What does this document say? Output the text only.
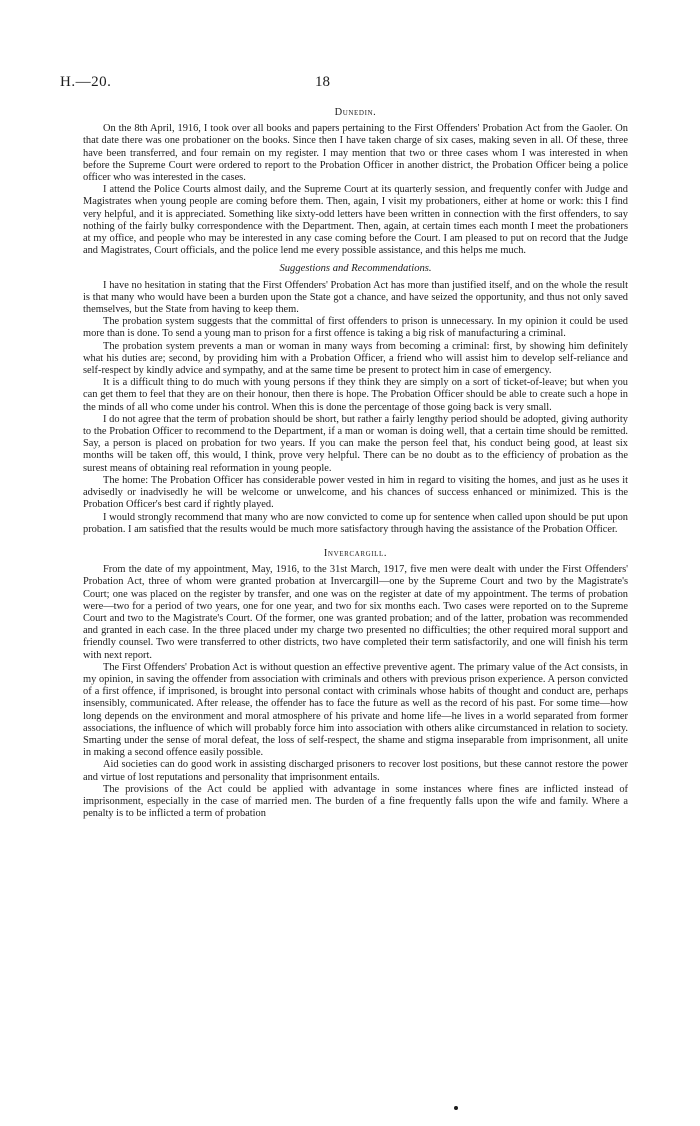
H.—20.	18
Dunedin.

On the 8th April, 1916, I took over all books and papers pertaining to the First Offenders' Probation Act from the Gaoler. On that date there was one probationer on the books. Since then I have taken charge of six cases, making seven in all. Of these, three have been transferred, and four remain on my register. I may mention that two or three cases whom I was interested in when before the Supreme Court were ordered to report to the Probation Officer in another district, the Probation Officer being a police officer who was interested in the cases.

I attend the Police Courts almost daily, and the Supreme Court at its quarterly session, and frequently confer with Judge and Magistrates when young people are coming before them. Then, again, I visit my probationers, either at home or work: this I find very helpful, and it is appreciated. Something like sixty-odd letters have been written in connection with the first offenders, to say nothing of the fairly bulky correspondence with the Department. Then, again, at certain times each month I meet the probationers at my office, and people who may be interested in any case coming before the Court. I am pleased to put on record that the Judge and Magistrates, Court officials, and the police lend me every possible assistance, and this helps me much.

Suggestions and Recommendations.

I have no hesitation in stating that the First Offenders' Probation Act has more than justified itself, and on the whole the result is that many who would have been a burden upon the State got a chance, and have seized the opportunity, and thus not only saved themselves, but the State from having to keep them.

The probation system suggests that the committal of first offenders to prison is unnecessary. In my opinion it could be used more than is done. To send a young man to prison for a first offence is taking a big risk of manufacturing a criminal.

The probation system prevents a man or woman in many ways from becoming a criminal: first, by showing him definitely what his duties are; second, by providing him with a Probation Officer, a friend who will assist him to develop self-reliance and self-respect by kindly advice and sympathy, and at the same time be present to protect him in case of emergency.

It is a difficult thing to do much with young persons if they think they are simply on a sort of ticket-of-leave; but when you can get them to feel that they are on their honour, then there is hope. The Probation Officer should be able to create such a hope in the minds of all who come under his control. When this is done the percentage of those going back is very small.

I do not agree that the term of probation should be short, but rather a fairly lengthy period should be adopted, giving authority to the Probation Officer to recommend to the Department, if a man or woman is doing well, that a certain time should be remitted. Say, a person is placed on probation for two years. If you can make the person feel that, his conduct being good, at least six months will be taken off, this would, I think, prove very helpful. There can be no doubt as to the efficiency of probation as the surest means of obtaining real reformation in young people.

The home: The Probation Officer has considerable power vested in him in regard to visiting the homes, and just as he uses it advisedly or inadvisedly he will be welcome or unwelcome, and his chances of success enhanced or minimized. This is the Probation Officer's best card if rightly played.

I would strongly recommend that many who are now convicted to come up for sentence when called upon should be put upon probation. I am satisfied that the results would be much more satisfactory through having the assistance of the Probation Officer.

Invercargill.

From the date of my appointment, May, 1916, to the 31st March, 1917, five men were dealt with under the First Offenders' Probation Act, three of whom were granted probation at Invercargill—one by the Supreme Court and two by the Magistrate's Court; one was placed on the register by transfer, and one was on the register at date of my appointment. The terms of probation were—two for a period of two years, one for one year, and two for six months each. Two cases were reported on to the Supreme Court and two to the Magistrate's Court. Of the former, one was granted probation; and of the latter, probation was recommended and granted in each case. In the three placed under my charge two presented no difficulties; the other required moral support and friendly counsel. Two were transferred to other districts, two have completed their term satisfactorily, and one will finish his term with next report.

The First Offenders' Probation Act is without question an effective preventive agent. The primary value of the Act consists, in my opinion, in saving the offender from association with criminals and others with previous prison experience. A person convicted of a first offence, if imprisoned, is brought into personal contact with criminals whose habits of thought and conduct are, perhaps insensibly, communicated. After release, the offender has to face the future as well as the record of his past. For some time—how long depends on the environment and moral atmosphere of his private and home life—he lives in a world separated from former associations, the influence of which will probably force him into association with others alike circumstanced in relation to society. Smarting under the sense of moral defeat, the loss of self-respect, the shame and stigma inseparable from imprisonment, all unite in making a second offence easily possible.

Aid societies can do good work in assisting discharged prisoners to recover lost positions, but these cannot restore the power and virtue of lost reputations and personality that imprisonment entails.

The provisions of the Act could be applied with advantage in some instances where fines are inflicted instead of imprisonment, especially in the case of married men. The burden of a fine frequently falls upon the wife and family. Where a penalty is to be inflicted a term of probation
